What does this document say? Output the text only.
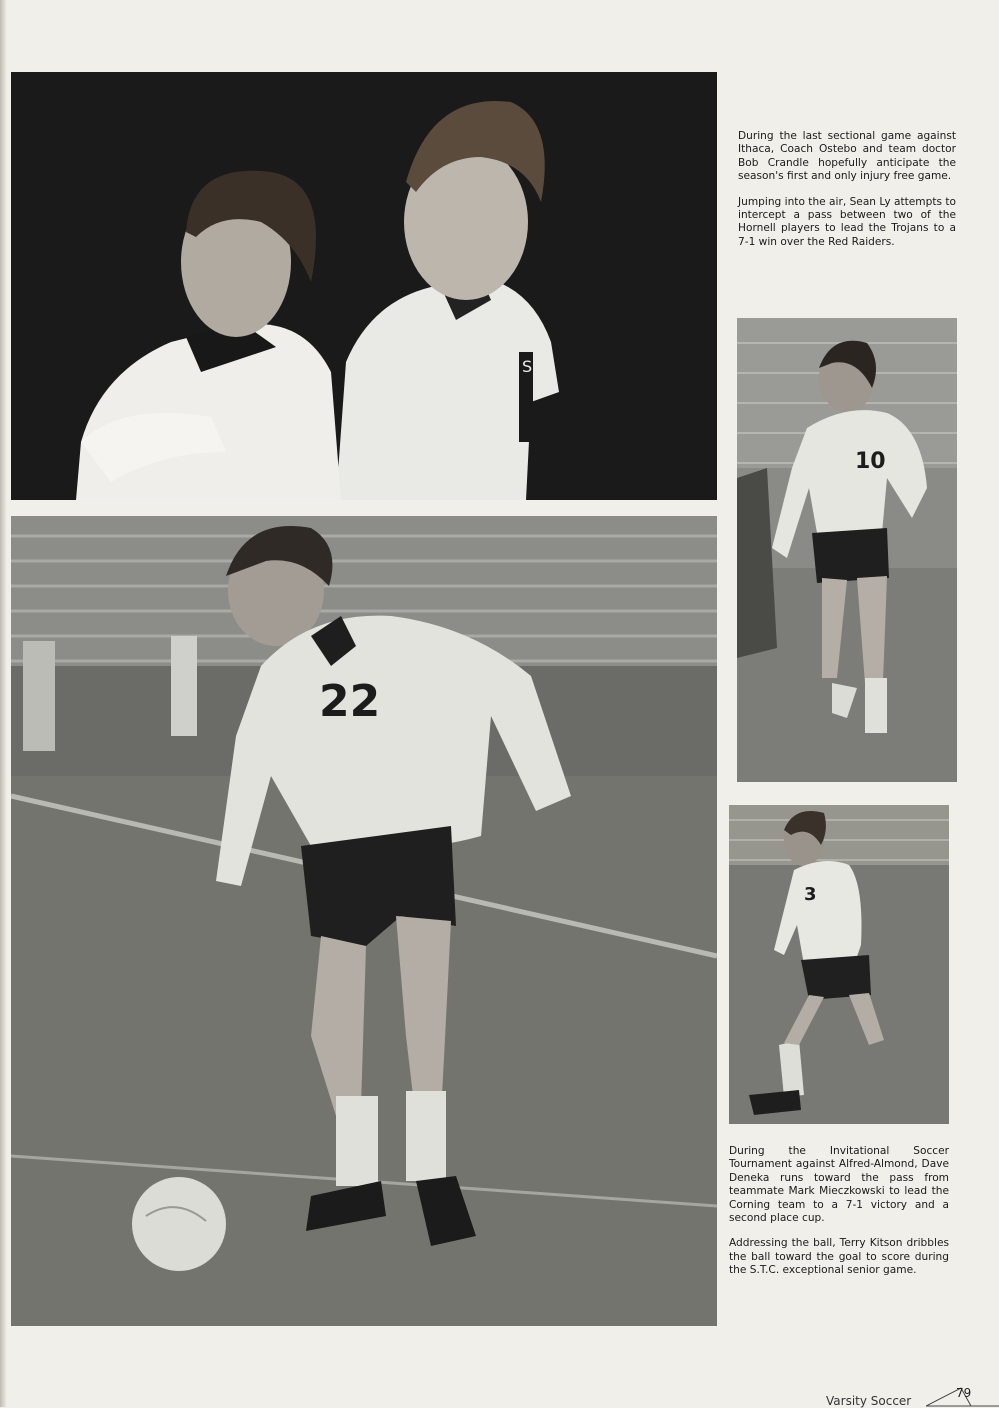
S
22
10
3

During the last sectional game against Ithaca, Coach Ostebo and team doctor Bob Crandle hopefully anticipate the season's first and only injury free game.

Jumping into the air, Sean Ly attempts to intercept a pass between two of the Hornell players to lead the Trojans to a 7-1 win over the Red Raiders.

During the Invitational Soccer Tournament against Alfred-Almond, Dave Deneka runs toward the pass from teammate Mark Mieczkowski to lead the Corning team to a 7-1 victory and a second place cup.

Addressing the ball, Terry Kitson dribbles the ball toward the goal to score during the S.T.C. exceptional senior game.

Varsity Soccer
79
